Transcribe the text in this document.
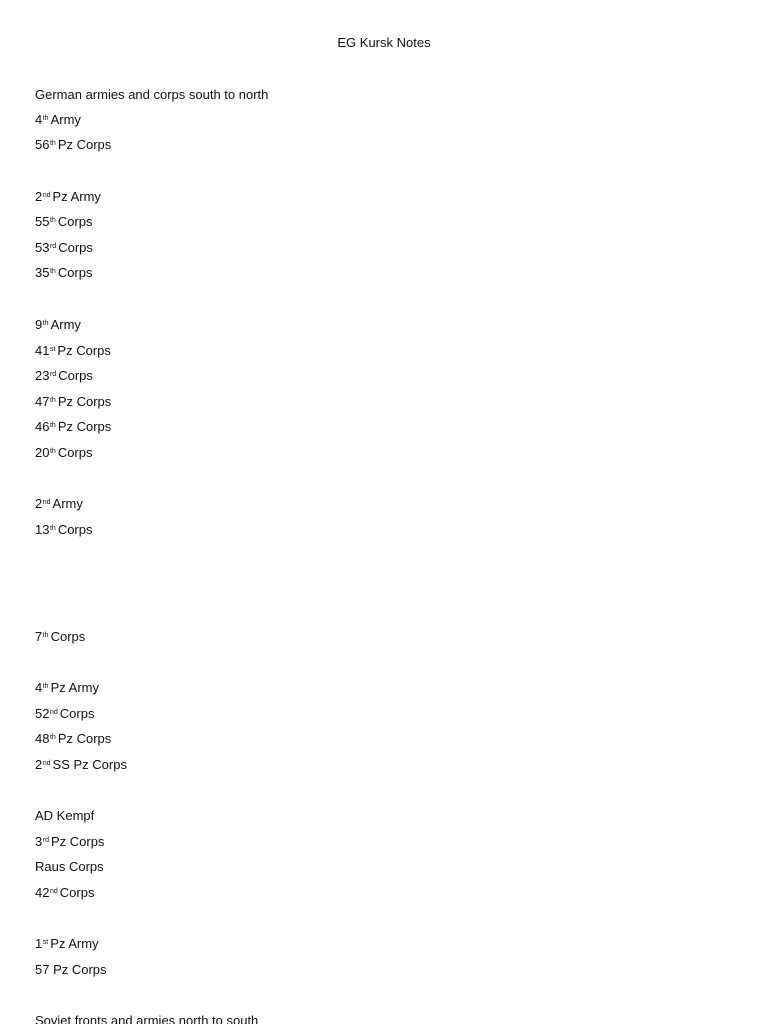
EG Kursk Notes
German armies and corps south to north
4th Army
56th Pz Corps
2nd Pz Army
55th Corps
53rd Corps
35th Corps
9th Army
41st Pz Corps
23rd Corps
47th Pz Corps
46th Pz Corps
20th Corps
2nd Army
13th Corps
7th Corps
4th Pz Army
52nd Corps
48th Pz Corps
2nd SS Pz Corps
AD Kempf
3rd Pz Corps
Raus Corps
42nd Corps
1st Pz Army
57 Pz Corps
Soviet fronts and armies north to south
